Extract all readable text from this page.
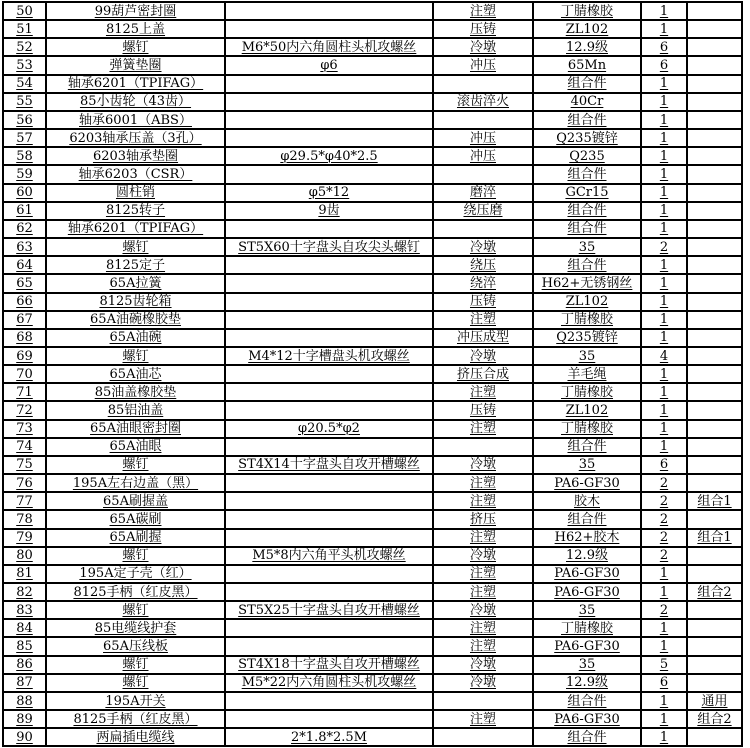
50	99葫芦密封圈		注塑	丁腈橡胶	1	
51	8125上盖		压铸	ZL102	1	
52	螺钉	M6*50内六角圆柱头机攻螺丝	冷墩	12.9级	6	
53	弹簧垫圈	φ6	冲压	65Mn	6	
54	轴承6201（TPIFAG）			组合件	1	
55	85小齿轮（43齿）		滚齿淬火	40Cr	1	
56	轴承6001（ABS）			组合件	1	
57	6203轴承压盖（3孔）		冲压	Q235镀锌	1	
58	6203轴承垫圈	φ29.5*φ40*2.5	冲压	Q235	1	
59	轴承6203（CSR）			组合件	1	
60	圆柱销	φ5*12	磨淬	GCr15	1	
61	8125转子	9齿	绕压磨	组合件	1	
62	轴承6201（TPIFAG）			组合件	1	
63	螺钉	ST5X60十字盘头自攻尖头螺钉	冷墩	35	2	
64	8125定子		绕压	组合件	1	
65	65A拉簧		绕淬	H62+无锈钢丝	1	
66	8125齿轮箱		压铸	ZL102	1	
67	65A油碗橡胶垫		注塑	丁腈橡胶	1	
68	65A油碗		冲压成型	Q235镀锌	1	
69	螺钉	M4*12十字槽盘头机攻螺丝	冷墩	35	4	
70	65A油芯		挤压合成	羊毛绳	1	
71	85油盖橡胶垫		注塑	丁腈橡胶	1	
72	85铝油盖		压铸	ZL102	1	
73	65A油眼密封圈	φ20.5*φ2	注塑	丁腈橡胶	1	
74	65A油眼			组合件	1	
75	螺钉	ST4X14十字盘头自攻开槽螺丝	冷墩	35	6	
76	195A左右边盖（黑）		注塑	PA6-GF30	2	
77	65A刷握盖		注塑	胶木	2	组合1
78	65A碳刷		挤压	组合件	2	
79	65A刷握		注塑	H62+胶木	2	组合1
80	螺钉	M5*8内六角平头机攻螺丝	冷墩	12.9级	2	
81	195A定子壳（红）		注塑	PA6-GF30	1	
82	8125手柄（红皮黑）		注塑	PA6-GF30	1	组合2
83	螺钉	ST5X25十字盘头自攻开槽螺丝	冷墩	35	2	
84	85电缆线护套		注塑	丁腈橡胶	1	
85	65A压线板		注塑	PA6-GF30	1	
86	螺钉	ST4X18十字盘头自攻开槽螺丝	冷墩	35	5	
87	螺钉	M5*22内六角圆柱头机攻螺丝	冷墩	12.9级	6	
88	195A开关			组合件	1	通用
89	8125手柄（红皮黑）		注塑	PA6-GF30	1	组合2
90	两扁插电缆线	2*1.8*2.5M		组合件	1	
